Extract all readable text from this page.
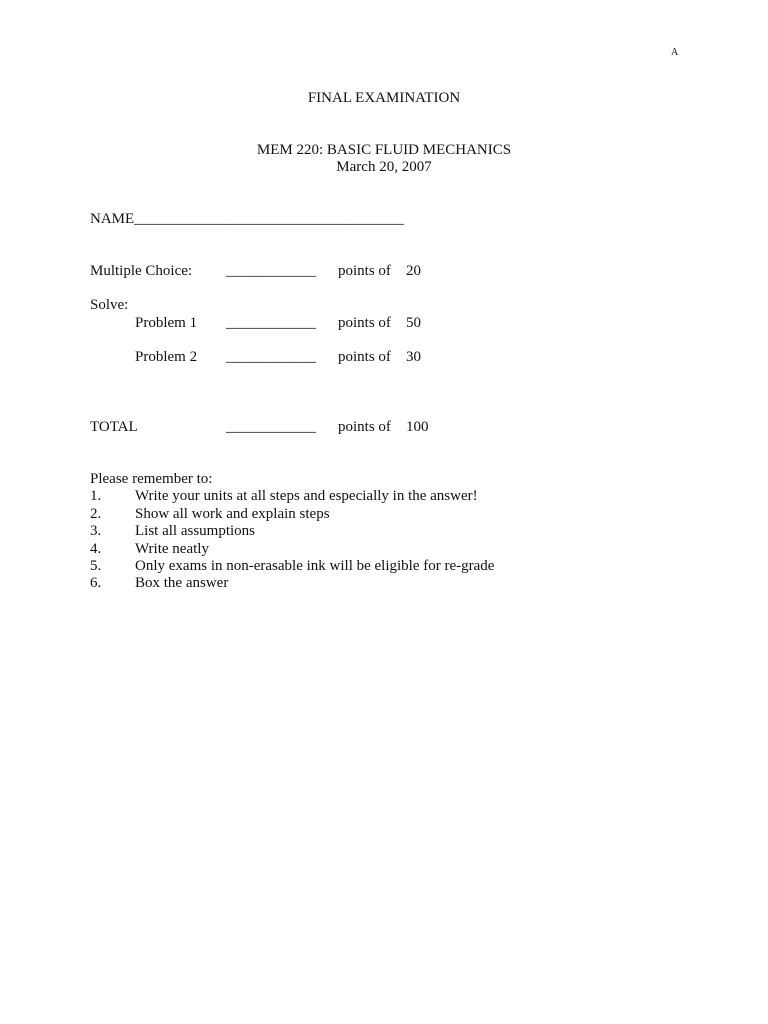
A
FINAL EXAMINATION
MEM 220: BASIC FLUID MECHANICS
March 20, 2007
NAME____________________________________
Multiple Choice: ____________ points of 20
Solve:
Problem 1 ____________ points of 50
Problem 2 ____________ points of 30
TOTAL	____________ points of 100
Please remember to:
1. Write your units at all steps and especially in the answer!
2. Show all work and explain steps
3. List all assumptions
4. Write neatly
5. Only exams in non-erasable ink will be eligible for re-grade
6. Box the answer
